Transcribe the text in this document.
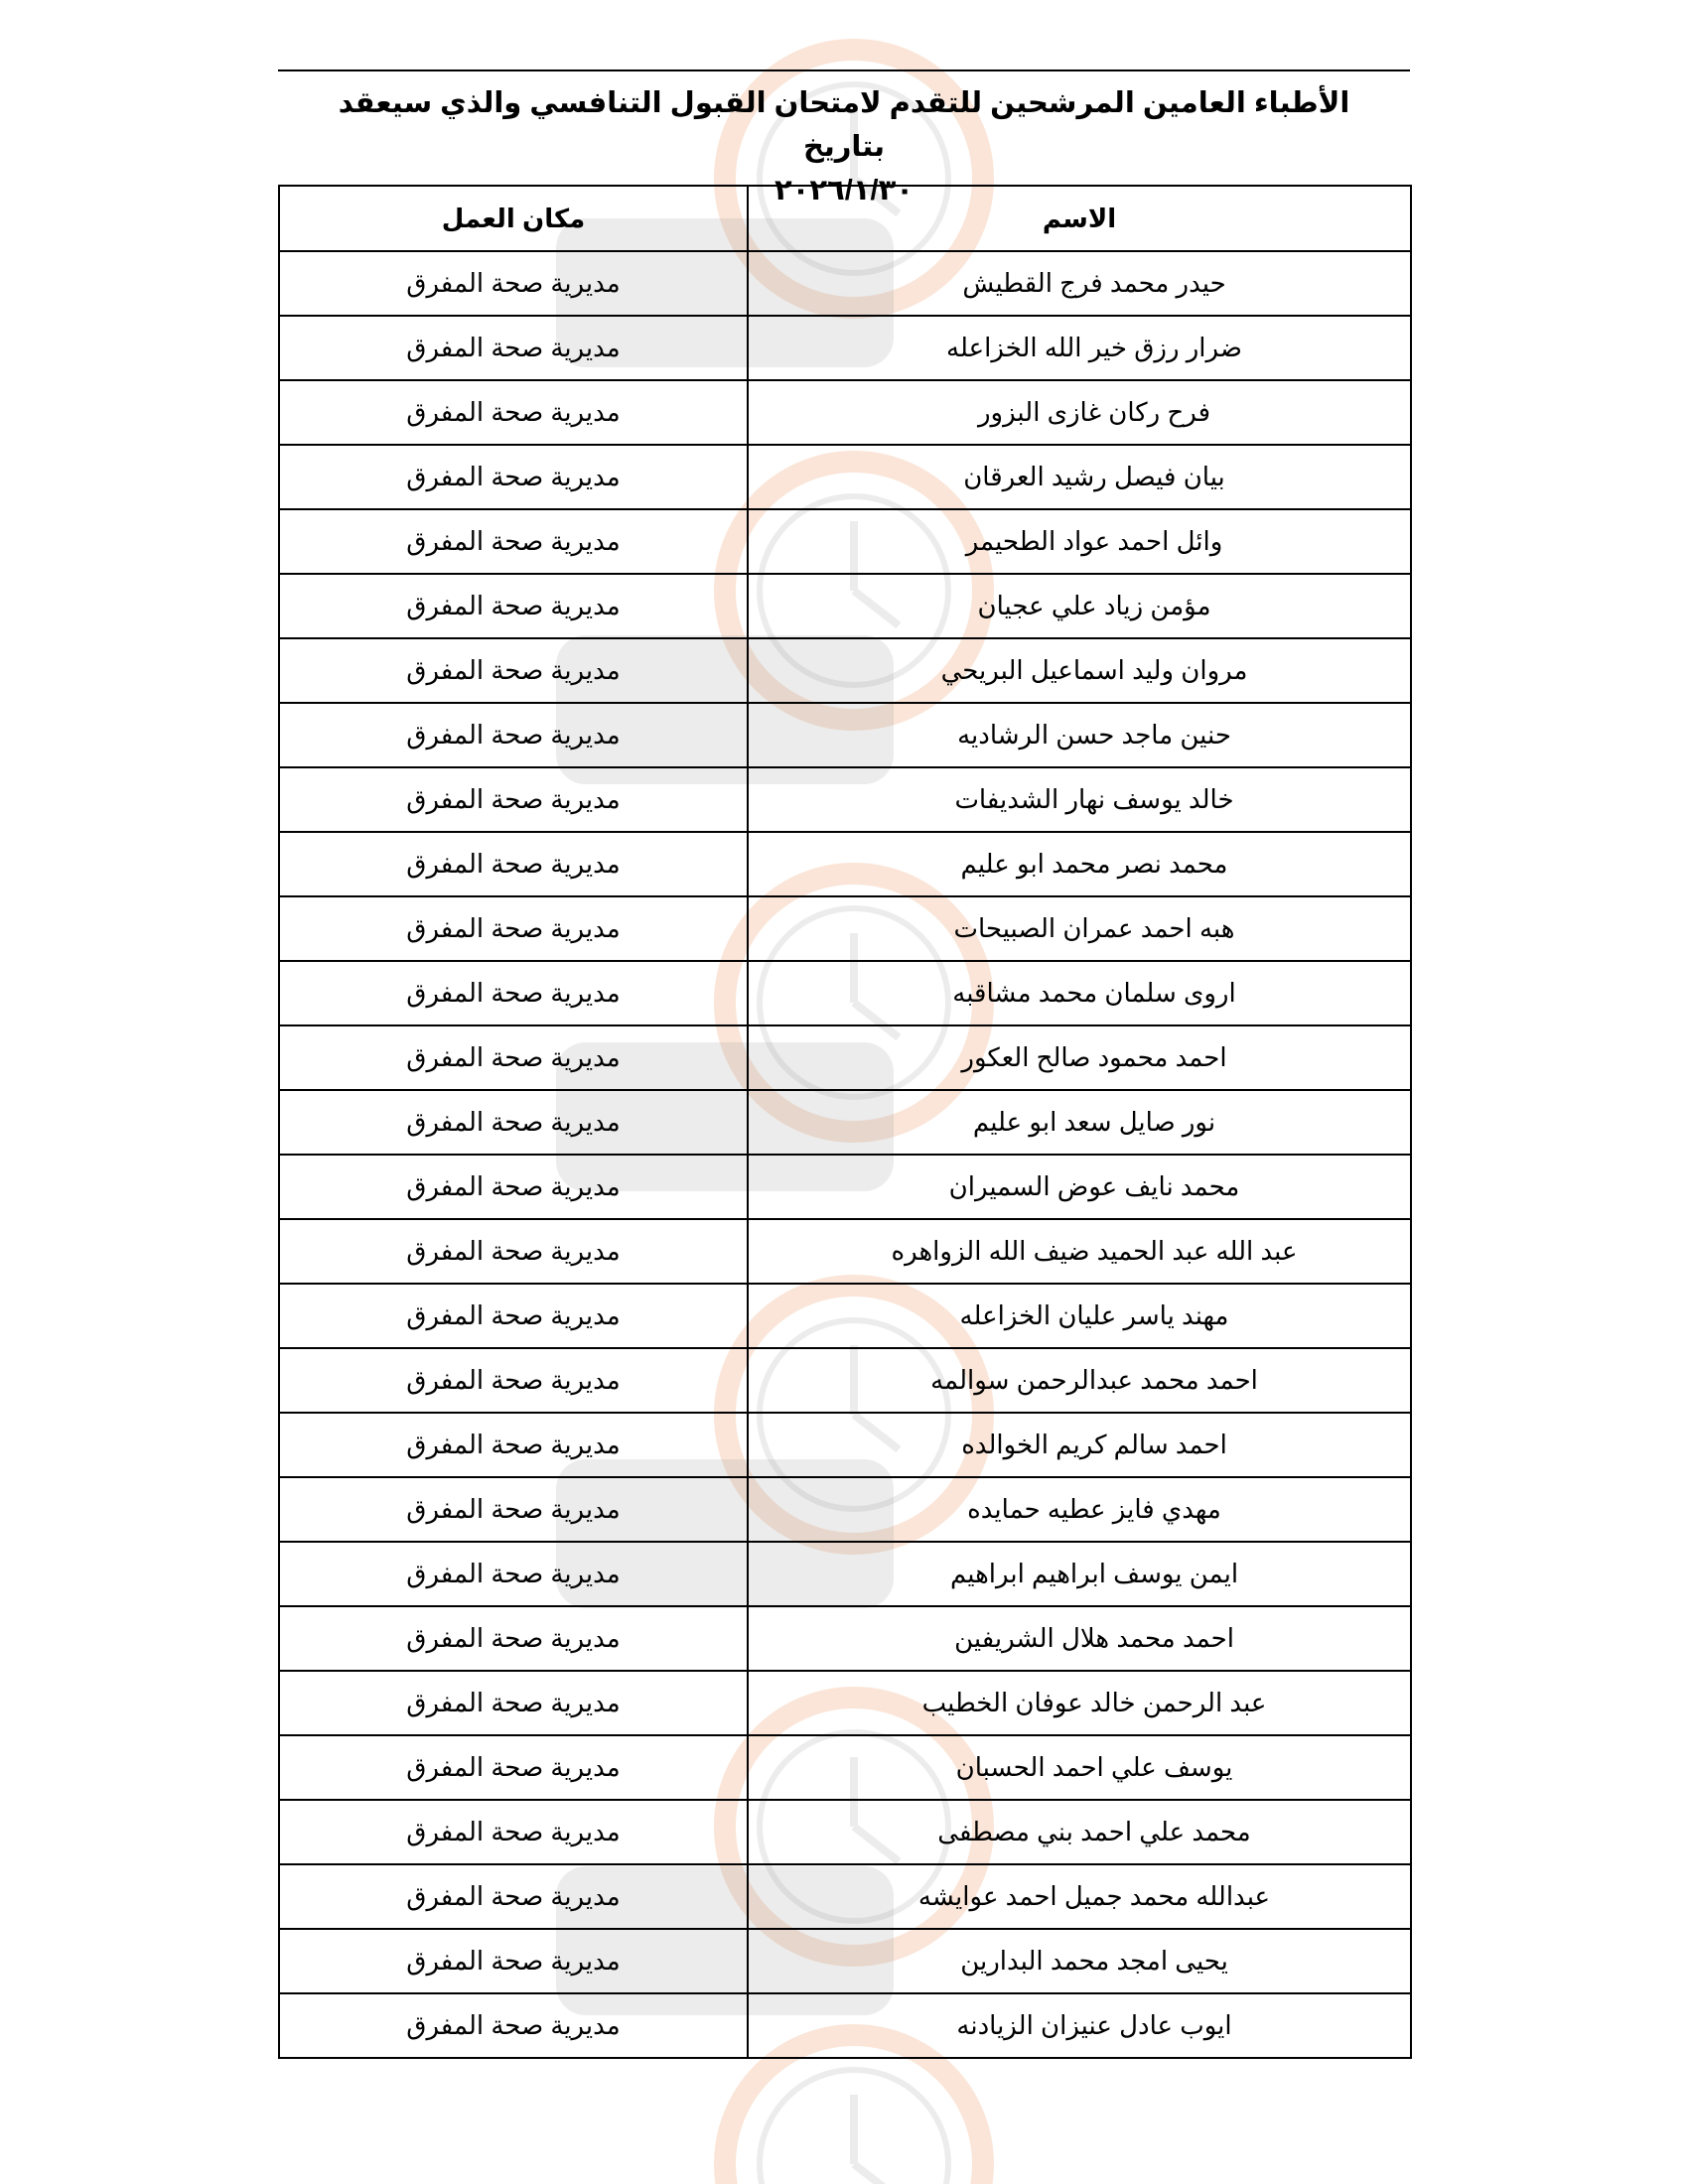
الأطباء العامين المرشحين للتقدم لامتحان القبول التنافسي والذي سيعقد بتاريخ
٢٠٢٦/١/٣٠
الاسم	مكان العمل
حيدر محمد فرج القطيش	مديرية صحة المفرق
ضرار رزق خير الله الخزاعله	مديرية صحة المفرق
فرح ركان غازى البزور	مديرية صحة المفرق
بيان فيصل رشيد العرقان	مديرية صحة المفرق
وائل احمد عواد الطحيمر	مديرية صحة المفرق
مؤمن زياد علي عجيان	مديرية صحة المفرق
مروان وليد اسماعيل البريحي	مديرية صحة المفرق
حنين ماجد حسن الرشاديه	مديرية صحة المفرق
خالد يوسف نهار الشديفات	مديرية صحة المفرق
محمد نصر محمد ابو عليم	مديرية صحة المفرق
هبه احمد عمران الصبيحات	مديرية صحة المفرق
اروى سلمان محمد مشاقبه	مديرية صحة المفرق
احمد محمود صالح العكور	مديرية صحة المفرق
نور صايل سعد ابو عليم	مديرية صحة المفرق
محمد نايف عوض السميران	مديرية صحة المفرق
عبد الله عبد الحميد ضيف الله الزواهره	مديرية صحة المفرق
مهند ياسر عليان الخزاعله	مديرية صحة المفرق
احمد محمد عبدالرحمن سوالمه	مديرية صحة المفرق
احمد سالم كريم الخوالده	مديرية صحة المفرق
مهدي فايز عطيه حمايده	مديرية صحة المفرق
ايمن يوسف ابراهيم ابراهيم	مديرية صحة المفرق
احمد محمد هلال الشريفين	مديرية صحة المفرق
عبد الرحمن خالد عوفان الخطيب	مديرية صحة المفرق
يوسف علي احمد الحسبان	مديرية صحة المفرق
محمد علي احمد بني مصطفى	مديرية صحة المفرق
عبدالله محمد جميل احمد عوايشه	مديرية صحة المفرق
يحيى امجد محمد البدارين	مديرية صحة المفرق
ايوب عادل عنيزان الزيادنه	مديرية صحة المفرق
